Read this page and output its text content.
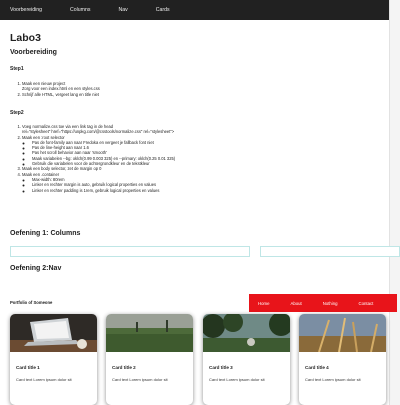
Voorbereiding	Columns	Nav	Cards
Labo3
Voorbereiding
Step1
1. Maak een nieuw project
Zorg voor een index.html en een styles.css
2. Schrijf alle HTML, vergeet lang en title niet
Step2
1. Voeg normalize.css toe via een link tag in de head
rel="stylesheet" href="https://unpkg.com/@csstools/normalize.css" rel="stylesheet">
2. Maak een :root selector
◦ Pas de font-family aan naar Fredoka en vergeet je fallback font niet
◦ Pas de line-height aan naar 1.6
◦ Pas het scroll behavior aan naar 'smooth'
◦ Maak variabelen --bg: oklch(0.99 0.003 325) en --primary: oklch(0.25 0.01 325)
◦ Gebruik die variabelen voor de achtergrondkleur en de tekstkleur
3. Maak een body selector, zet de margin op 0
4. Maak een .container
◦ Max-width: 80rem
◦ Linker en rechter margin is auto, gebruik logical properties en values
◦ Linker en rechter padding is 1rem, gebruik logical properties en values
Oefening 1: Columns
Oefening 2:Nav
Portfolio of Someone	Home	About	Nothing	Contact
Card title 1
Card text Lorem ipsum dolor sit
Card title 2
Card text Lorem ipsum dolor sit
Card title 3
Card text Lorem ipsum dolor sit
Card title 4
Card text Lorem ipsum dolor sit
